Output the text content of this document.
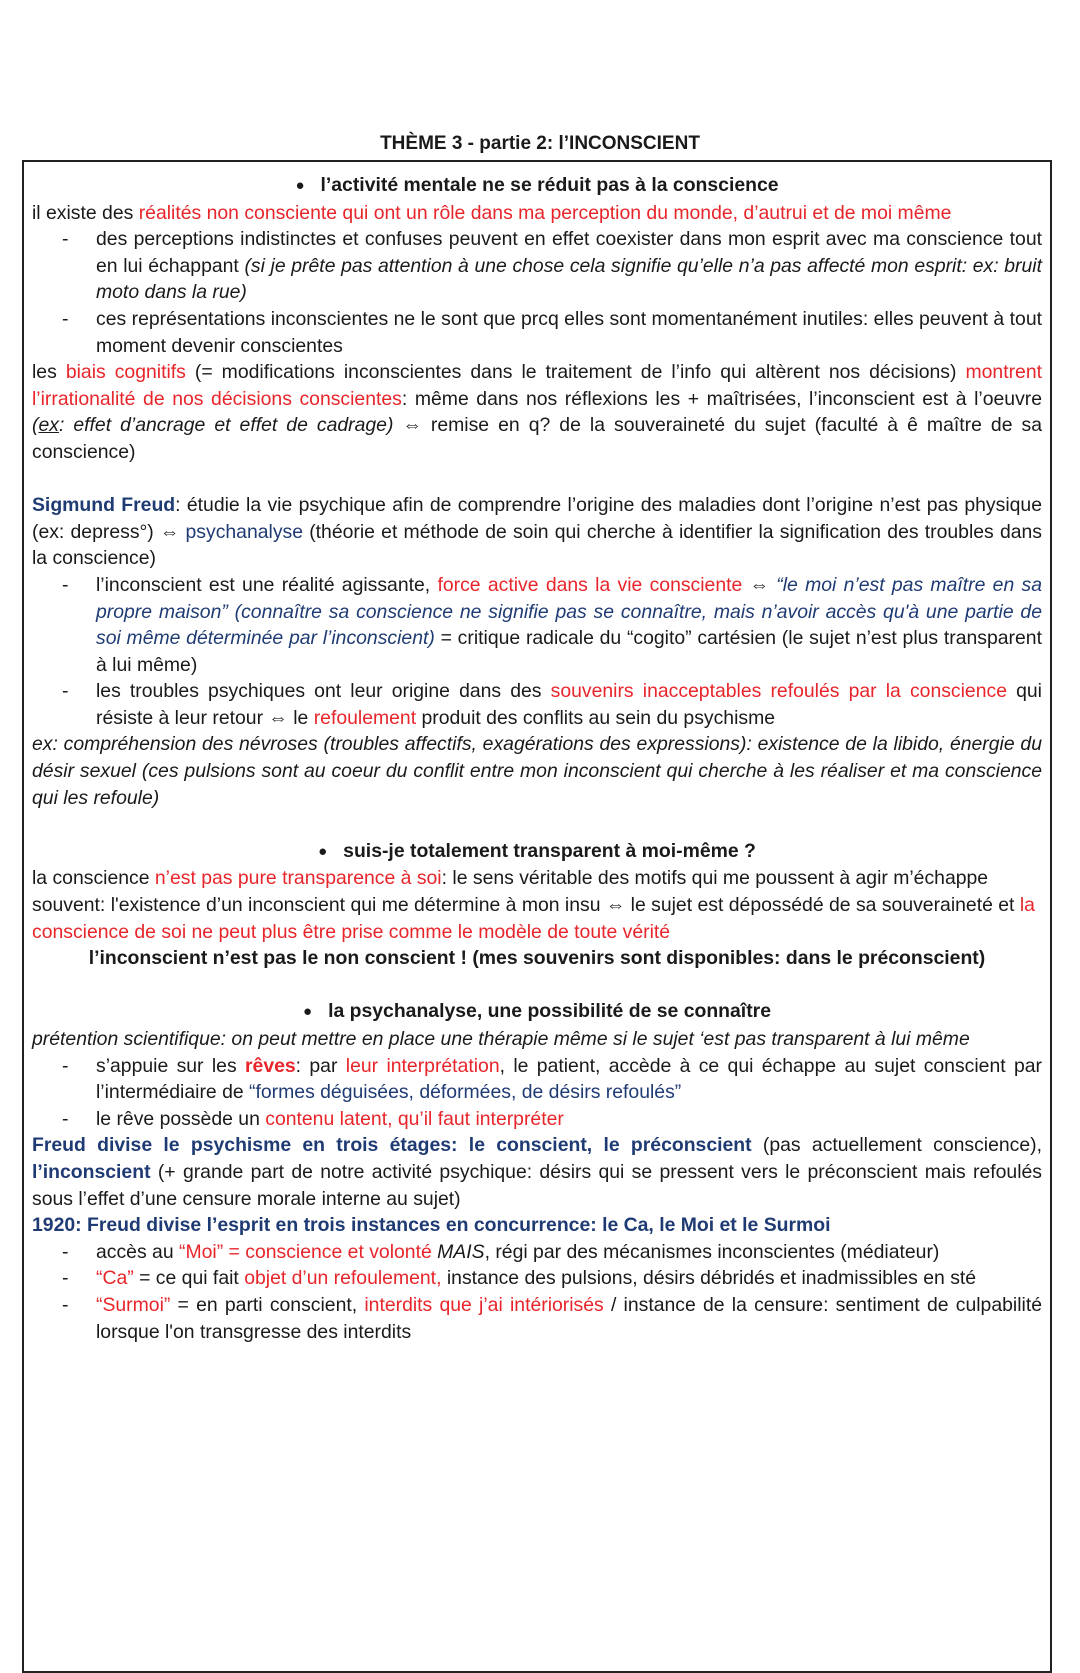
THÈME 3 - partie 2: l’INCONSCIENT
● l’activité mentale ne se réduit pas à la conscience
il existe des réalités non consciente qui ont un rôle dans ma perception du monde, d’autrui et de moi même
- des perceptions indistinctes et confuses peuvent en effet coexister dans mon esprit avec ma conscience tout en lui échappant (si je prête pas attention à une chose cela signifie qu’elle n’a pas affecté mon esprit: ex: bruit moto dans la rue)
- ces représentations inconscientes ne le sont que prcq elles sont momentanément inutiles: elles peuvent à tout moment devenir conscientes
les biais cognitifs (= modifications inconscientes dans le traitement de l’info qui altèrent nos décisions) montrent l’irrationalité de nos décisions conscientes: même dans nos réflexions les + maîtrisées, l’inconscient est à l’oeuvre (ex: effet d’ancrage et effet de cadrage) ⇔ remise en q? de la souveraineté du sujet (faculté à ê maître de sa conscience)
Sigmund Freud: étudie la vie psychique afin de comprendre l’origine des maladies dont l’origine n’est pas physique (ex: depress°) ⇔ psychanalyse (théorie et méthode de soin qui cherche à identifier la signification des troubles dans la conscience)
- l’inconscient est une réalité agissante, force active dans la vie consciente ⇔ “le moi n’est pas maître en sa propre maison” (connaître sa conscience ne signifie pas se connaître, mais n’avoir accès qu'à une partie de soi même déterminée par l’inconscient) = critique radicale du “cogito” cartésien (le sujet n’est plus transparent à lui même)
- les troubles psychiques ont leur origine dans des souvenirs inacceptables refoulés par la conscience qui résiste à leur retour ⇔ le refoulement produit des conflits au sein du psychisme
ex: compréhension des névroses (troubles affectifs, exagérations des expressions): existence de la libido, énergie du désir sexuel (ces pulsions sont au coeur du conflit entre mon inconscient qui cherche à les réaliser et ma conscience qui les refoule)
● suis-je totalement transparent à moi-même ?
la conscience n’est pas pure transparence à soi: le sens véritable des motifs qui me poussent à agir m’échappe souvent: l'existence d’un inconscient qui me détermine à mon insu ⇔ le sujet est dépossédé de sa souveraineté et la conscience de soi ne peut plus être prise comme le modèle de toute vérité
l’inconscient n’est pas le non conscient ! (mes souvenirs sont disponibles: dans le préconscient)
● la psychanalyse, une possibilité de se connaître
prétention scientifique: on peut mettre en place une thérapie même si le sujet ‘est pas transparent à lui même
- s’appuie sur les rêves: par leur interprétation, le patient, accède à ce qui échappe au sujet conscient par l’intermédiaire de “formes déguisées, déformées, de désirs refoulés”
- le rêve possède un contenu latent, qu’il faut interpréter
Freud divise le psychisme en trois étages: le conscient, le préconscient (pas actuellement conscience), l’inconscient (+ grande part de notre activité psychique: désirs qui se pressent vers le préconscient mais refoulés sous l’effet d’une censure morale interne au sujet)
1920: Freud divise l’esprit en trois instances en concurrence: le Ca, le Moi et le Surmoi
- accès au “Moi” = conscience et volonté MAIS, régi par des mécanismes inconscientes (médiateur)
- “Ca” = ce qui fait objet d’un refoulement, instance des pulsions, désirs débridés et inadmissibles en sté
- “Surmoi” = en parti conscient, interdits que j’ai intériorisés / instance de la censure: sentiment de culpabilité lorsque l'on transgresse des interdits
